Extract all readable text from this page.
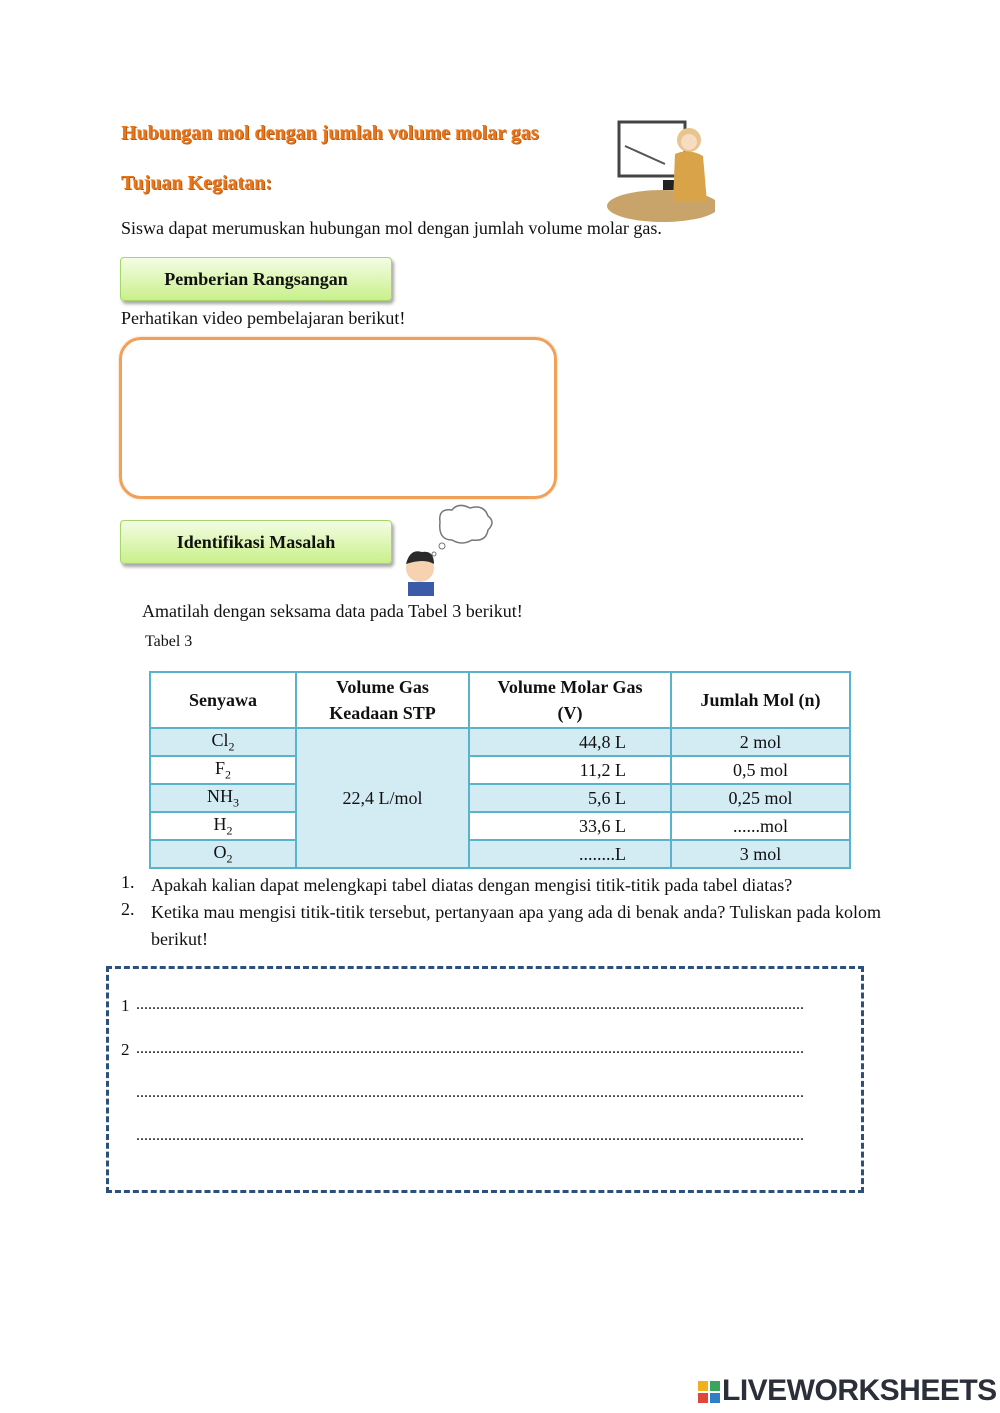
Hubungan mol dengan jumlah volume molar gas
Tujuan Kegiatan:
Siswa dapat merumuskan hubungan mol dengan jumlah volume molar gas.
Pemberian Rangsangan
Perhatikan video pembelajaran berikut!
Identifikasi Masalah
Amatilah dengan seksama data pada Tabel 3 berikut!
Tabel 3
Senyawa	Volume Gas Keadaan STP	Volume Molar Gas (V)	Jumlah Mol (n)
$Cl_2$	22,4 L/mol	44,8 L	2 mol
$F_2$		11,2 L	0,5 mol
$NH_3$		5,6 L	0,25 mol
$H_2$		33,6 L	......mol
$O_2$		........L	3 mol
1. Apakah kalian dapat melengkapi tabel diatas dengan mengisi titik-titik pada tabel diatas?
2. Ketika mau mengisi titik-titik tersebut, pertanyaan apa yang ada di benak anda? Tuliskan pada kolom berikut!
1 .......................................................................................................................................................................
2 .......................................................................................................................................................................
.......................................................................................................................................................................
.......................................................................................................................................................................
LIVEWORKSHEETS
